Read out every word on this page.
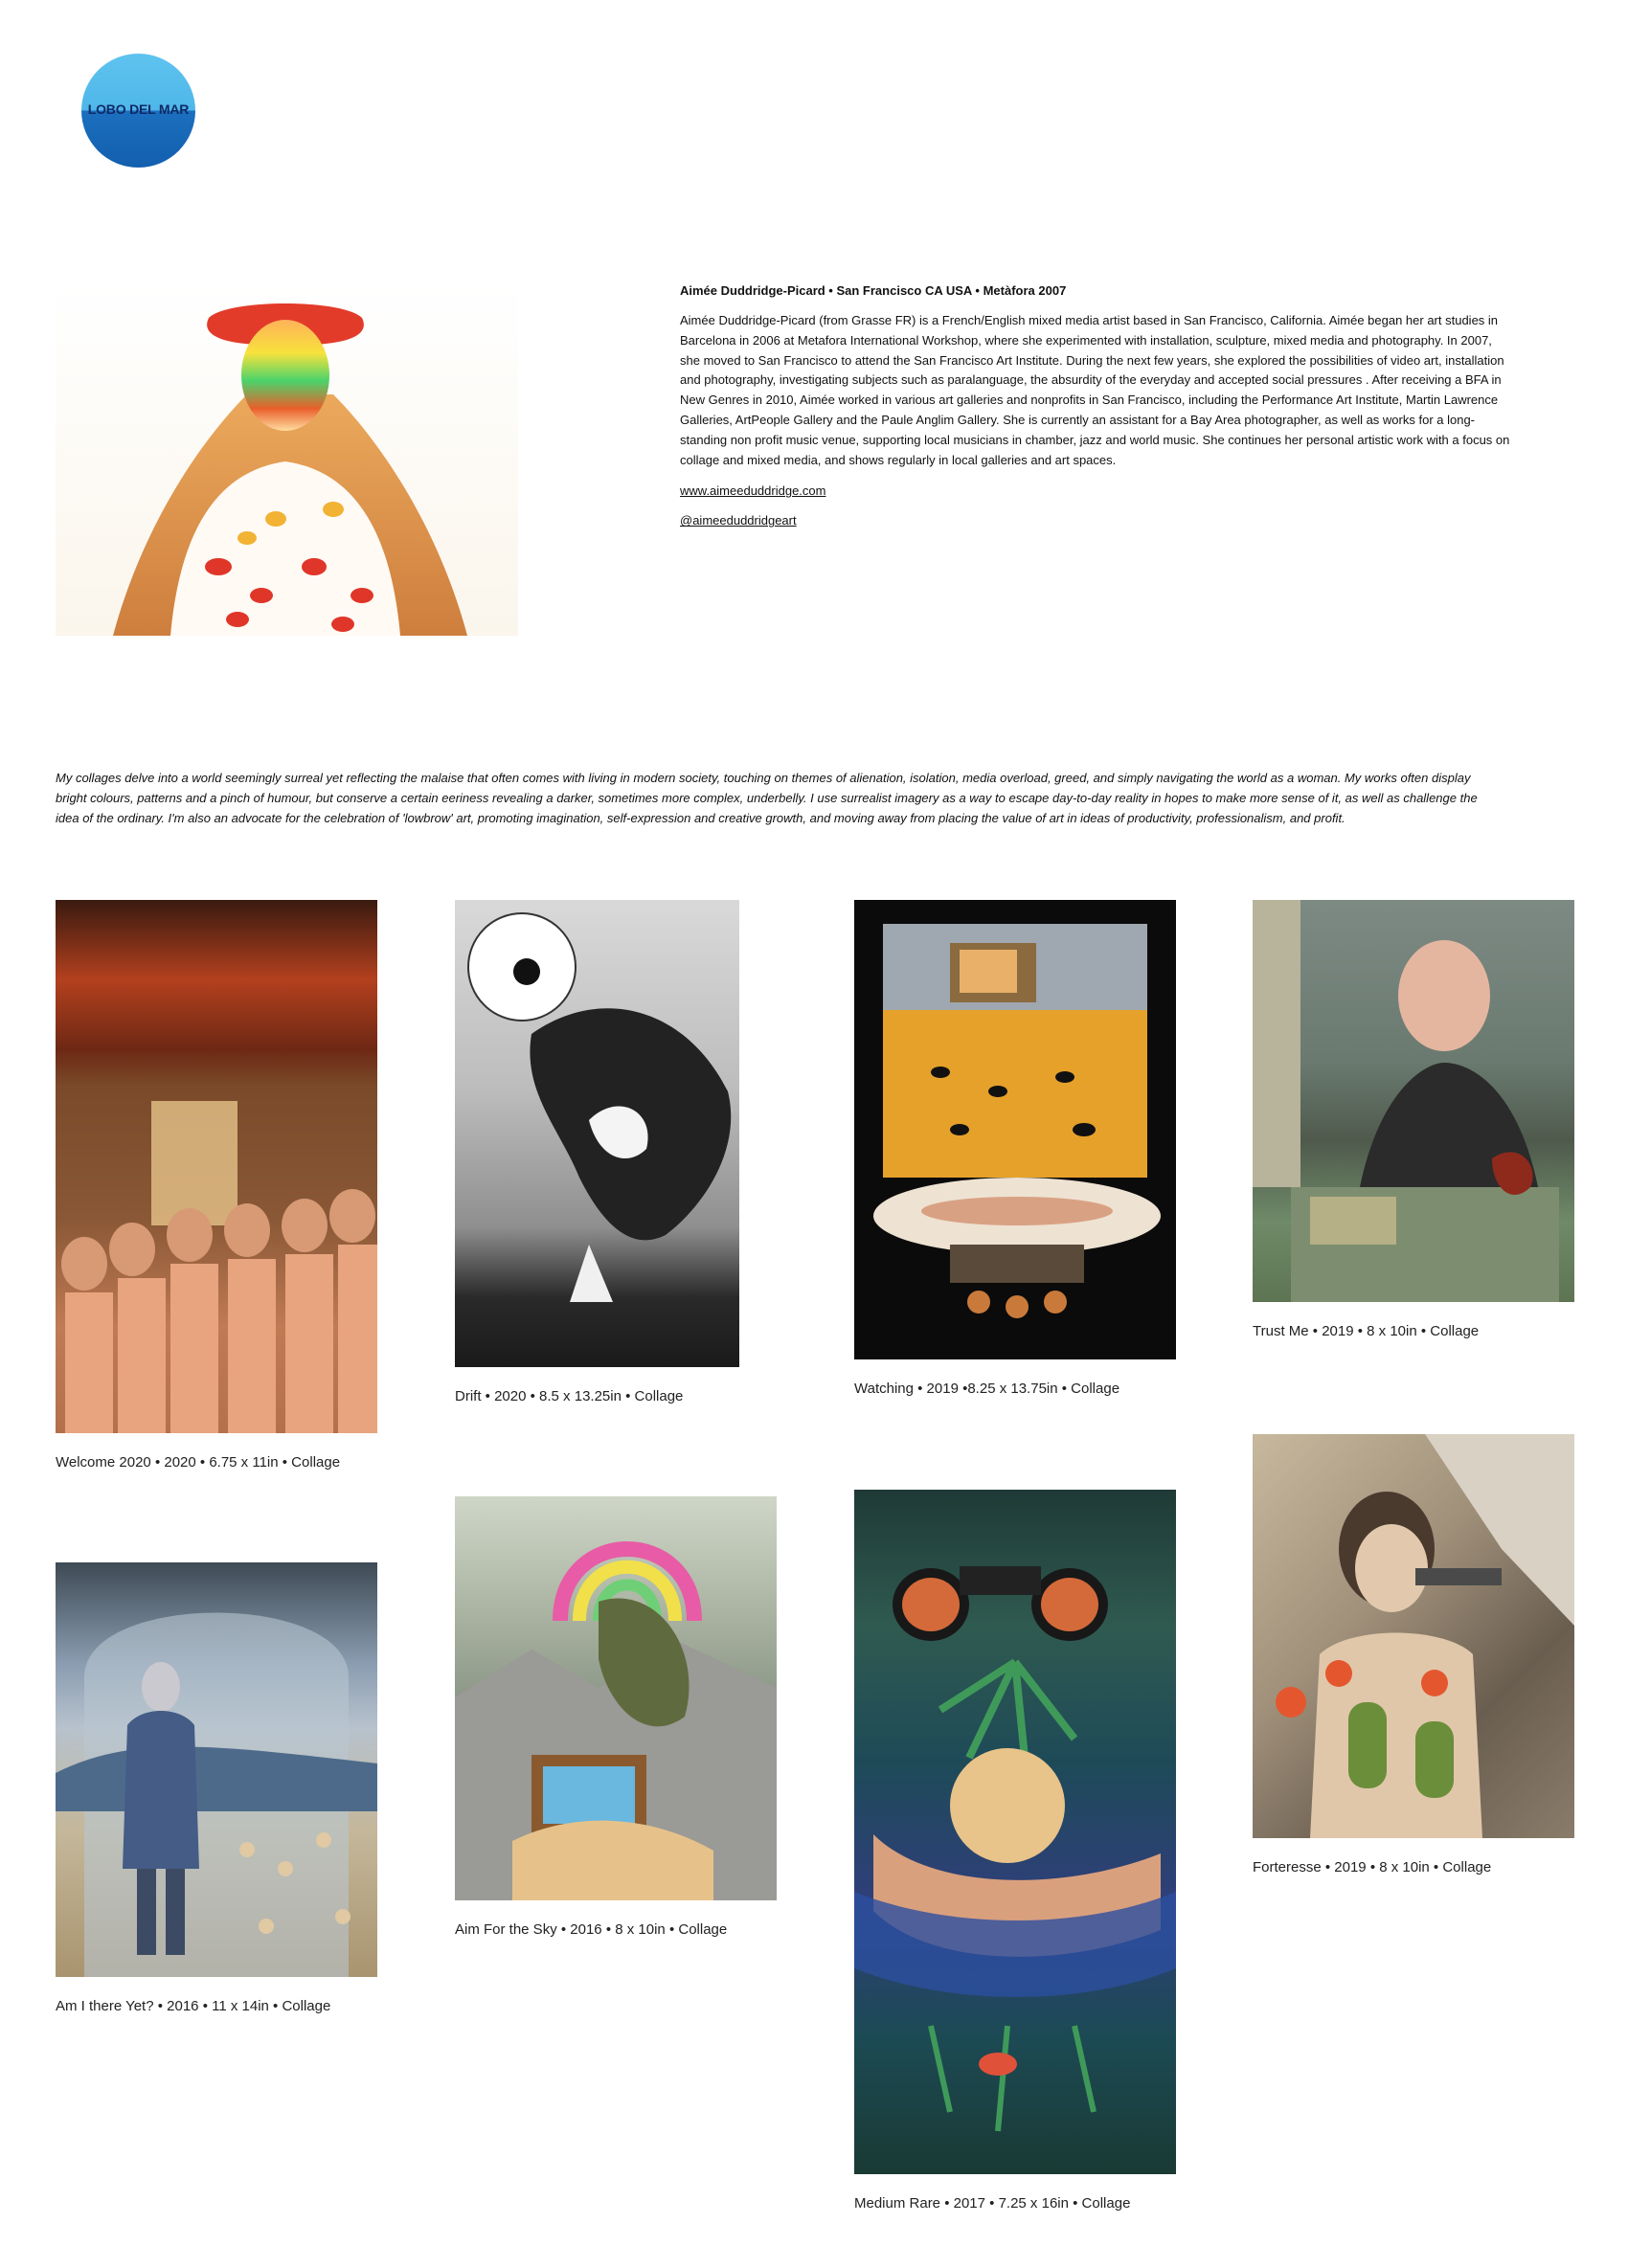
LOBO DEL MAR

Aimée Duddridge-Picard • San Francisco CA USA • Metàfora 2007

Aimée Duddridge-Picard (from Grasse FR) is a French/English mixed media artist based in San Francisco, California. Aimée began her art studies in Barcelona in 2006 at Metafora International Workshop, where she experimented with installation, sculpture, mixed media and photography. In 2007, she moved to San Francisco to attend the San Francisco Art Institute. During the next few years, she explored the possibilities of video art, installation and photography, investigating subjects such as paralanguage, the absurdity of the everyday and accepted social pressures . After receiving a BFA in New Genres in 2010, Aimée worked in various art galleries and nonprofits in San Francisco, including the Performance Art Institute, Martin Lawrence Galleries, ArtPeople Gallery and the Paule Anglim Gallery. She is currently an assistant for a Bay Area photographer, as well as works for a long-standing non profit music venue, supporting local musicians in chamber, jazz and world music. She continues her personal artistic work with a focus on collage and mixed media, and shows regularly in local galleries and art spaces.

www.aimeeduddridge.com
@aimeeduddridgeart

My collages delve into a world seemingly surreal yet reflecting the malaise that often comes with living in modern society, touching on themes of alienation, isolation, media overload, greed, and simply navigating the world as a woman. My works often display bright colours, patterns and a pinch of humour, but conserve a certain eeriness revealing a darker, sometimes more complex, underbelly. I use surrealist imagery as a way to escape day-to-day reality in hopes to make more sense of it, as well as challenge the idea of the ordinary. I'm also an advocate for the celebration of 'lowbrow' art, promoting imagination, self-expression and creative growth, and moving away from placing the value of art in ideas of productivity, professionalism, and profit.

Welcome 2020 • 2020 • 6.75 x 11in • Collage
Drift • 2020 • 8.5 x 13.25in • Collage	Watching • 2019 •8.25 x 13.75in • Collage
Trust Me • 2019 • 8 x 10in • Collage
Am I there Yet? • 2016 • 11 x 14in • Collage
Aim For the Sky • 2016 • 8 x 10in • Collage
Medium Rare • 2017 • 7.25 x 16in • Collage
Forteresse • 2019 • 8 x 10in • Collage
